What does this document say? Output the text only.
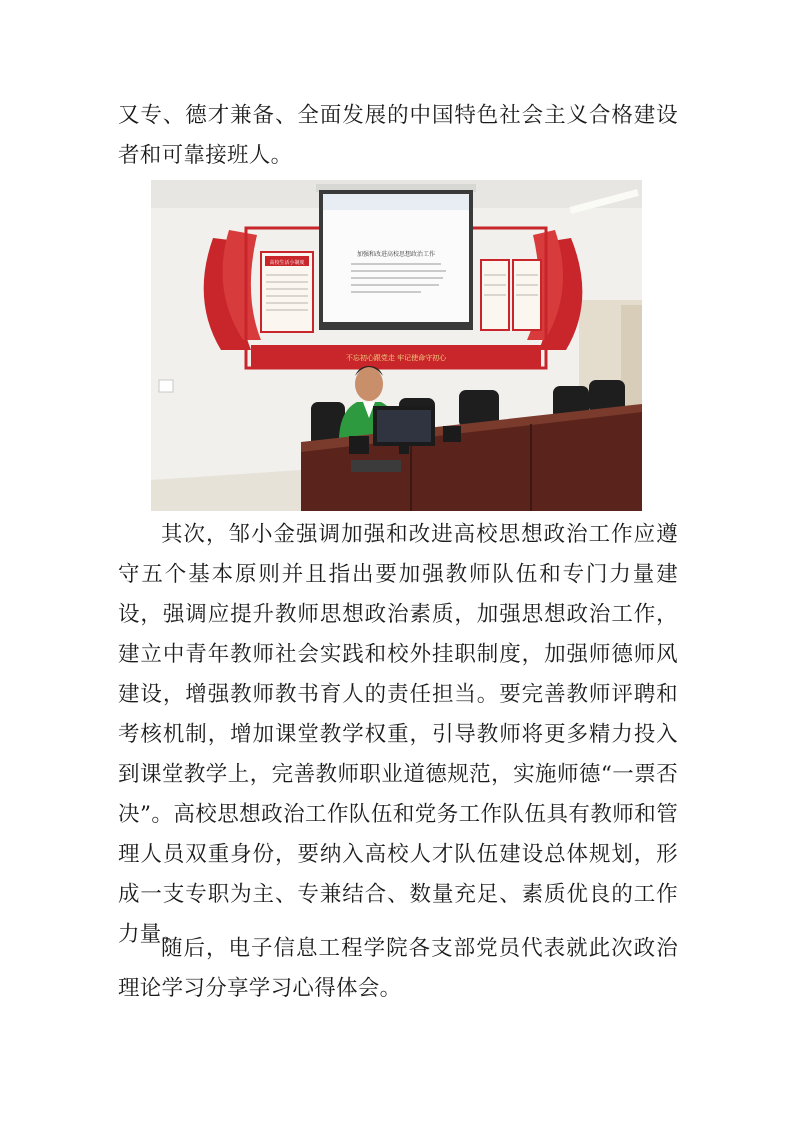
又专、德才兼备、全面发展的中国特色社会主义合格建设者和可靠接班人。

不忘初心跟党走 牢记使命守初心
高校生活小制度
加强和改进高校思想政治工作

其次，邹小金强调加强和改进高校思想政治工作应遵守五个基本原则并且指出要加强教师队伍和专门力量建设，强调应提升教师思想政治素质，加强思想政治工作，建立中青年教师社会实践和校外挂职制度，加强师德师风建设，增强教师教书育人的责任担当。要完善教师评聘和考核机制，增加课堂教学权重，引导教师将更多精力投入到课堂教学上，完善教师职业道德规范，实施师德“一票否决”。高校思想政治工作队伍和党务工作队伍具有教师和管理人员双重身份，要纳入高校人才队伍建设总体规划，形成一支专职为主、专兼结合、数量充足、素质优良的工作力量。

随后，电子信息工程学院各支部党员代表就此次政治理论学习分享学习心得体会。
